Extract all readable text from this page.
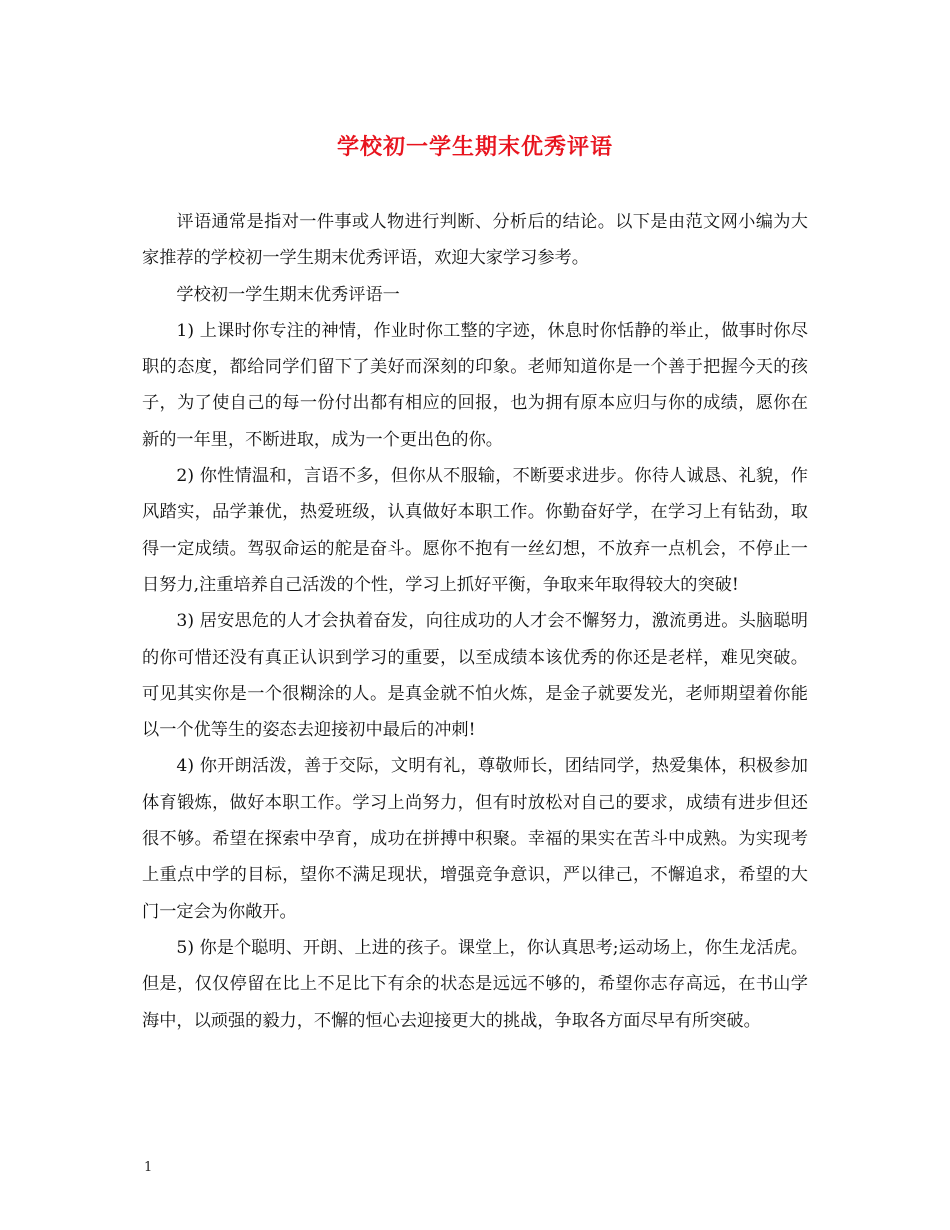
学校初一学生期末优秀评语

评语通常是指对一件事或人物进行判断、分析后的结论。以下是由范文网小编为大家推荐的学校初一学生期末优秀评语，欢迎大家学习参考。

学校初一学生期末优秀评语一

1) 上课时你专注的神情，作业时你工整的字迹，休息时你恬静的举止，做事时你尽职的态度，都给同学们留下了美好而深刻的印象。老师知道你是一个善于把握今天的孩子，为了使自己的每一份付出都有相应的回报，也为拥有原本应归与你的成绩，愿你在新的一年里，不断进取，成为一个更出色的你。

2) 你性情温和，言语不多，但你从不服输，不断要求进步。你待人诚恳、礼貌，作风踏实，品学兼优，热爱班级，认真做好本职工作。你勤奋好学，在学习上有钻劲，取得一定成绩。驾驭命运的舵是奋斗。愿你不抱有一丝幻想，不放弃一点机会，不停止一日努力,注重培养自己活泼的个性，学习上抓好平衡，争取来年取得较大的突破!

3) 居安思危的人才会执着奋发，向往成功的人才会不懈努力，激流勇进。头脑聪明的你可惜还没有真正认识到学习的重要，以至成绩本该优秀的你还是老样，难见突破。可见其实你是一个很糊涂的人。是真金就不怕火炼，是金子就要发光，老师期望着你能以一个优等生的姿态去迎接初中最后的冲刺!

4) 你开朗活泼，善于交际，文明有礼，尊敬师长，团结同学，热爱集体，积极参加体育锻炼，做好本职工作。学习上尚努力，但有时放松对自己的要求，成绩有进步但还很不够。希望在探索中孕育，成功在拼搏中积聚。幸福的果实在苦斗中成熟。为实现考上重点中学的目标，望你不满足现状，增强竞争意识，严以律己，不懈追求，希望的大门一定会为你敞开。

5) 你是个聪明、开朗、上进的孩子。课堂上，你认真思考;运动场上，你生龙活虎。但是，仅仅停留在比上不足比下有余的状态是远远不够的，希望你志存高远，在书山学海中，以顽强的毅力，不懈的恒心去迎接更大的挑战，争取各方面尽早有所突破。

1
